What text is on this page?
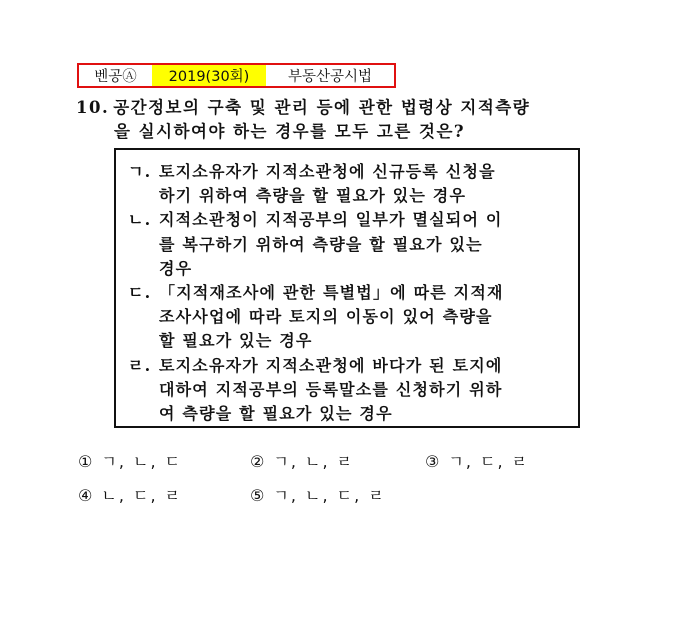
벤공Ⓐ	2019(30회)	부동산공시법
10. 공간정보의 구축 및 관리 등에 관한 법령상 지적측량
을 실시하여야 하는 경우를 모두 고른 것은?
ㄱ. 토지소유자가 지적소관청에 신규등록 신청을
하기 위하여 측량을 할 필요가 있는 경우
ㄴ. 지적소관청이 지적공부의 일부가 멸실되어 이
를 복구하기 위하여 측량을 할 필요가 있는
경우
ㄷ. 「지적재조사에 관한 특별법」에 따른 지적재
조사사업에 따라 토지의 이동이 있어 측량을
할 필요가 있는 경우
ㄹ. 토지소유자가 지적소관청에 바다가 된 토지에
대하여 지적공부의 등록말소를 신청하기 위하
여 측량을 할 필요가 있는 경우
① ㄱ, ㄴ, ㄷ	② ㄱ, ㄴ, ㄹ	③ ㄱ, ㄷ, ㄹ
④ ㄴ, ㄷ, ㄹ	⑤ ㄱ, ㄴ, ㄷ, ㄹ
